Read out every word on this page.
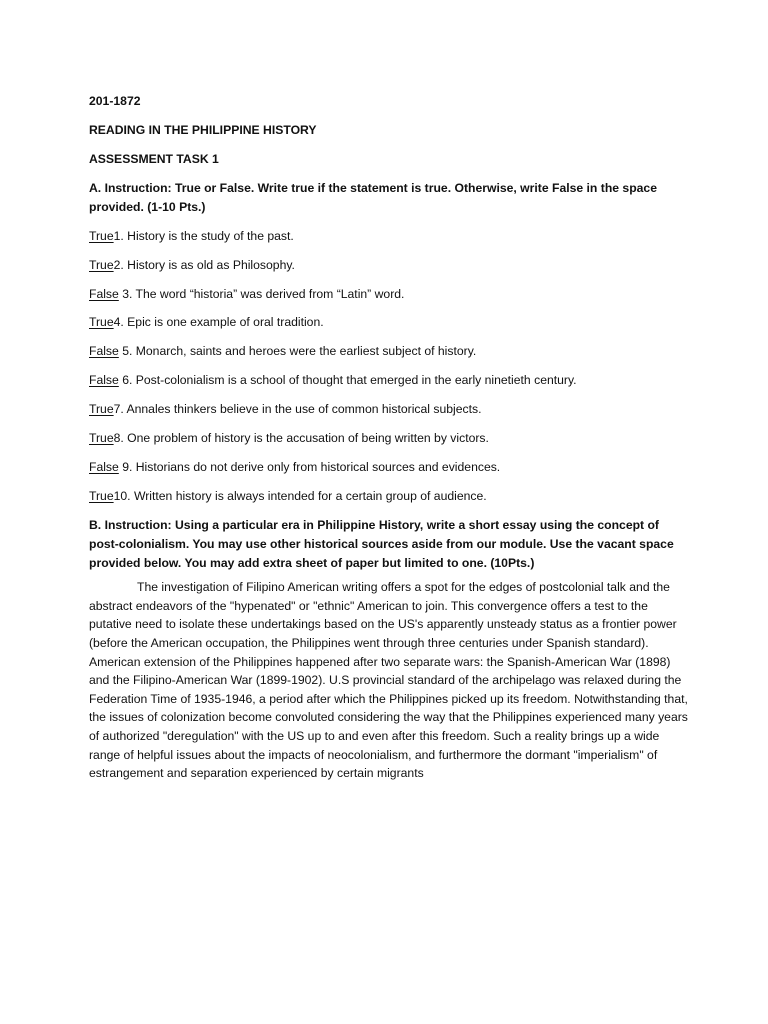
201-1872
READING IN THE PHILIPPINE HISTORY
ASSESSMENT TASK 1
A. Instruction: True or False. Write true if the statement is true. Otherwise, write False in the space provided. (1-10 Pts.)
True1. History is the study of the past.
True2. History is as old as Philosophy.
False 3. The word “historia” was derived from “Latin” word.
True4. Epic is one example of oral tradition.
False 5. Monarch, saints and heroes were the earliest subject of history.
False 6. Post-colonialism is a school of thought that emerged in the early ninetieth century.
True7. Annales thinkers believe in the use of common historical subjects.
True8. One problem of history is the accusation of being written by victors.
False 9. Historians do not derive only from historical sources and evidences.
True10. Written history is always intended for a certain group of audience.
B. Instruction: Using a particular era in Philippine History, write a short essay using the concept of post-colonialism. You may use other historical sources aside from our module. Use the vacant space provided below. You may add extra sheet of paper but limited to one. (10Pts.)

The investigation of Filipino American writing offers a spot for the edges of postcolonial talk and the abstract endeavors of the "hypenated" or "ethnic" American to join. This convergence offers a test to the putative need to isolate these undertakings based on the US's apparently unsteady status as a frontier power (before the American occupation, the Philippines went through three centuries under Spanish standard). American extension of the Philippines happened after two separate wars: the Spanish-American War (1898) and the Filipino-American War (1899-1902). U.S provincial standard of the archipelago was relaxed during the Federation Time of 1935-1946, a period after which the Philippines picked up its freedom. Notwithstanding that, the issues of colonization become convoluted considering the way that the Philippines experienced many years of authorized "deregulation" with the US up to and even after this freedom. Such a reality brings up a wide range of helpful issues about the impacts of neocolonialism, and furthermore the dormant "imperialism" of estrangement and separation experienced by certain migrants
